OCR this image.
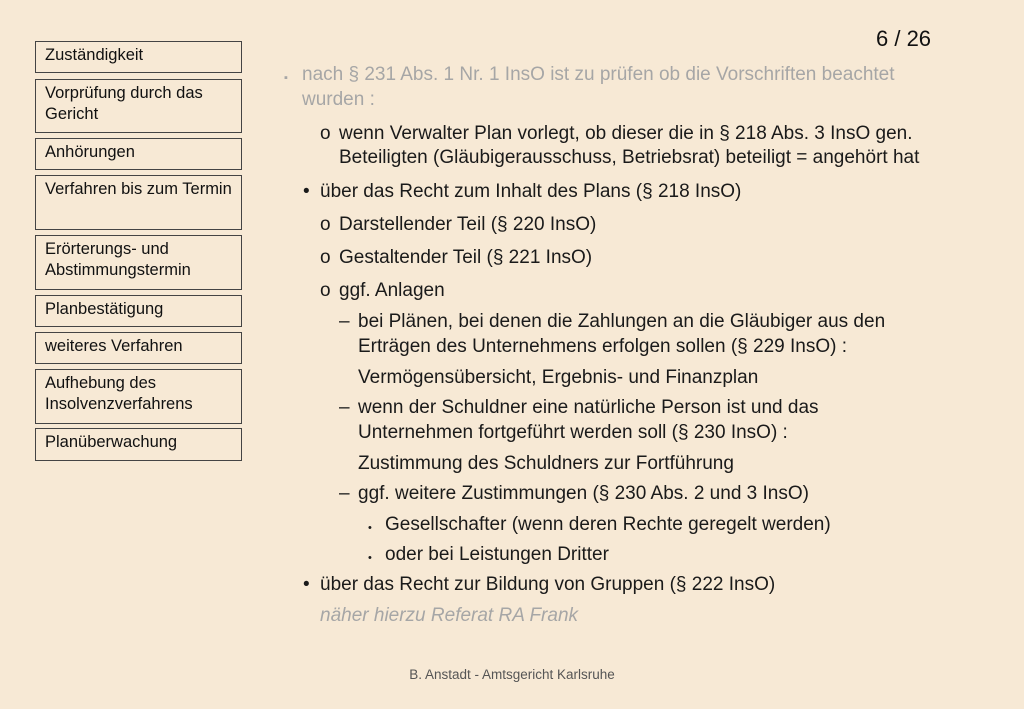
Zuständigkeit
Vorprüfung durch das Gericht
Anhörungen
Verfahren bis zum Termin
Erörterungs- und Abstimmungstermin
Planbestätigung
weiteres Verfahren
Aufhebung des Insolvenzverfahrens
Planüberwachung
6 / 26
▪ nach § 231 Abs. 1 Nr. 1 InsO ist zu prüfen ob die Vorschriften beachtet
wurden :
o wenn Verwalter Plan vorlegt, ob dieser die in § 218 Abs. 3 InsO gen.
Beteiligten (Gläubigerausschuss, Betriebsrat) beteiligt = angehört hat
• über das Recht zum Inhalt des Plans (§ 218 InsO)
o Darstellender Teil (§ 220 InsO)
o Gestaltender Teil (§ 221 InsO)
o ggf. Anlagen
– bei Plänen, bei denen die Zahlungen an die Gläubiger aus den
Erträgen des Unternehmens erfolgen sollen (§ 229 InsO) :
Vermögensübersicht, Ergebnis- und Finanzplan
– wenn der Schuldner eine natürliche Person ist und das
Unternehmen fortgeführt werden soll (§ 230 InsO) :
Zustimmung des Schuldners zur Fortführung
– ggf. weitere Zustimmungen (§ 230 Abs. 2 und 3 InsO)
• Gesellschafter (wenn deren Rechte geregelt werden)
• oder bei Leistungen Dritter
• über das Recht zur Bildung von Gruppen (§ 222 InsO)
näher hierzu Referat RA Frank
B. Anstadt - Amtsgericht Karlsruhe
